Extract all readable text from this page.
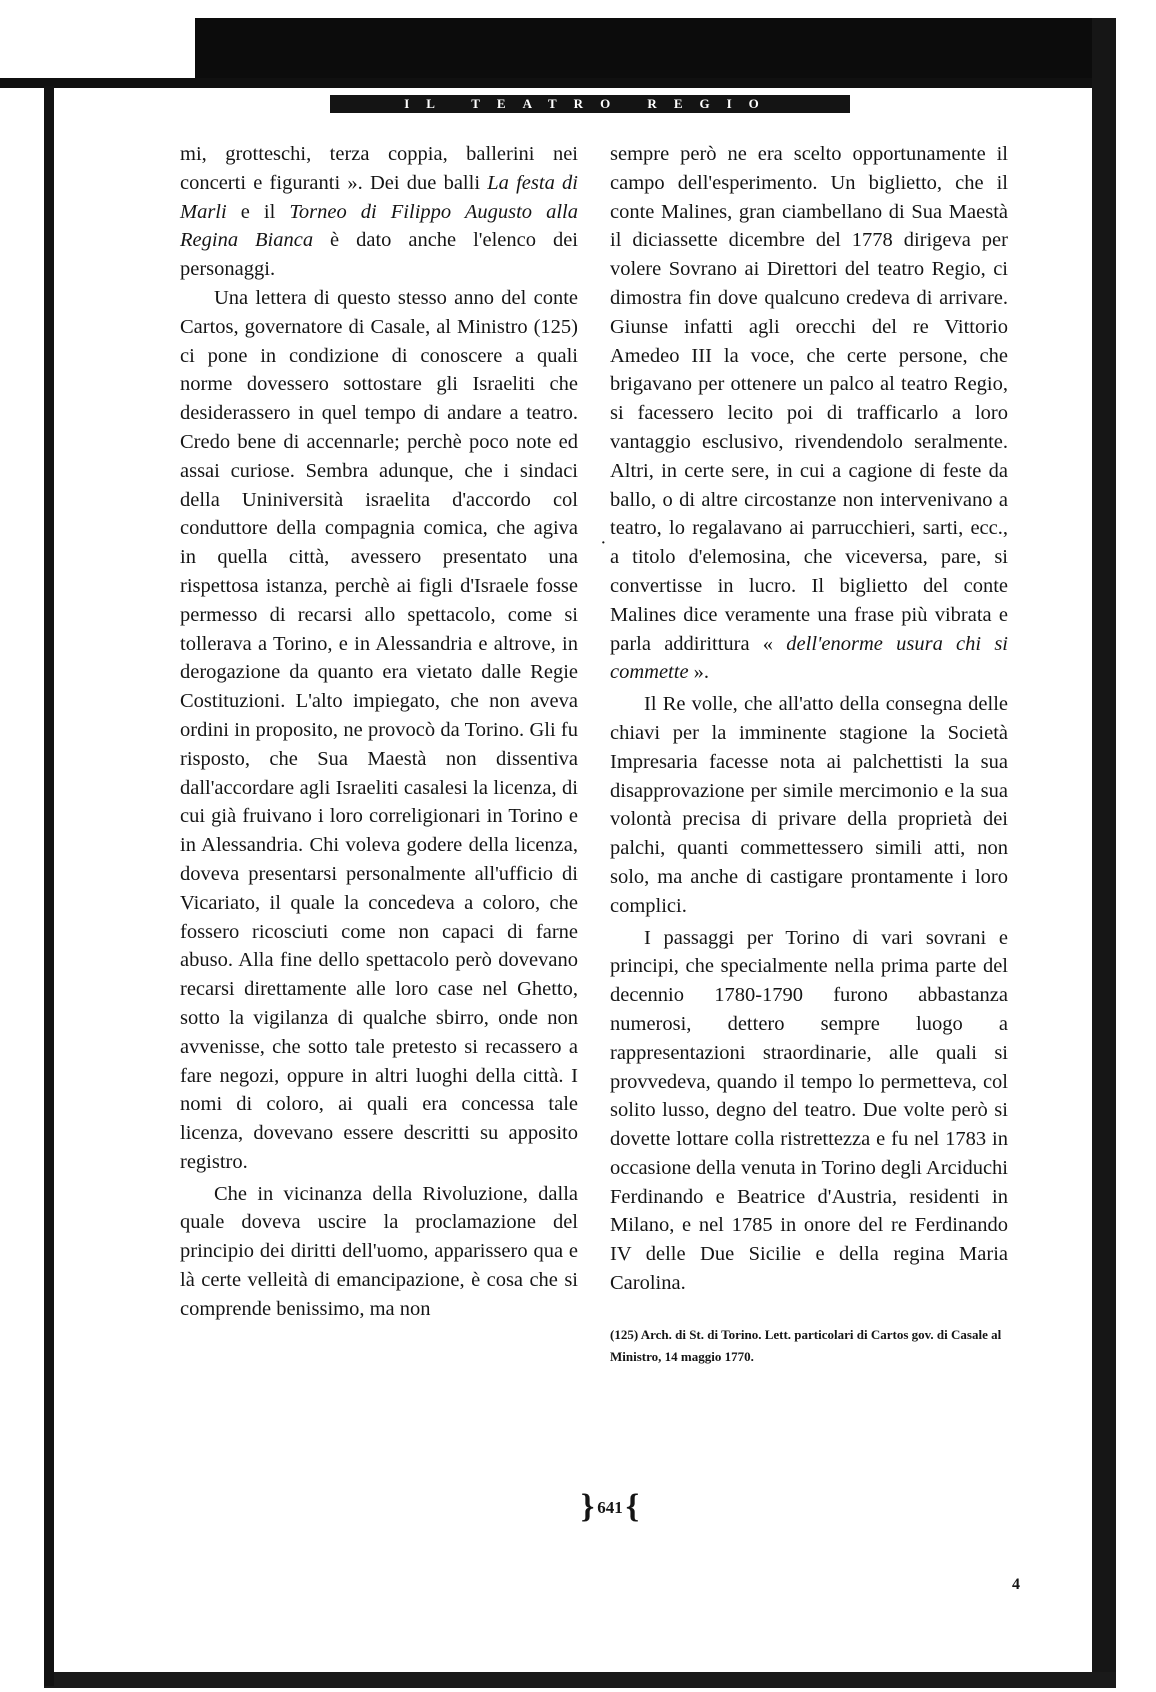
IL TEATRO REGIO

mi, grotteschi, terza coppia, ballerini nei concerti e figuranti ». Dei due balli La festa di Marli e il Torneo di Filippo Augusto alla Regina Bianca è dato anche l'elenco dei personaggi.

Una lettera di questo stesso anno del conte Cartos, governatore di Casale, al Ministro (125) ci pone in condizione di conoscere a quali norme dovessero sottostare gli Israeliti che desiderassero in quel tempo di andare a teatro. Credo bene di accennarle; perchè poco note ed assai curiose. Sembra adunque, che i sindaci della Uniniversità israelita d'accordo col conduttore della compagnia comica, che agiva in quella città, avessero presentato una rispettosa istanza, perchè ai figli d'Israele fosse permesso di recarsi allo spettacolo, come si tollerava a Torino, e in Alessandria e altrove, in derogazione da quanto era vietato dalle Regie Costituzioni. L'alto impiegato, che non aveva ordini in proposito, ne provocò da Torino. Gli fu risposto, che Sua Maestà non dissentiva dall'accordare agli Israeliti casalesi la licenza, di cui già fruivano i loro correligionari in Torino e in Alessandria. Chi voleva godere della licenza, doveva presentarsi personalmente all'ufficio di Vicariato, il quale la concedeva a coloro, che fossero ricosciuti come non capaci di farne abuso. Alla fine dello spettacolo però dovevano recarsi direttamente alle loro case nel Ghetto, sotto la vigilanza di qualche sbirro, onde non avvenisse, che sotto tale pretesto si recassero a fare negozi, oppure in altri luoghi della città. I nomi di coloro, ai quali era concessa tale licenza, dovevano essere descritti su apposito registro.

Che in vicinanza della Rivoluzione, dalla quale doveva uscire la proclamazione del principio dei diritti dell'uomo, apparissero qua e là certe velleità di emancipazione, è cosa che si comprende benissimo, ma non

sempre però ne era scelto opportunamente il campo dell'esperimento. Un biglietto, che il conte Malines, gran ciambellano di Sua Maestà il diciassette dicembre del 1778 dirigeva per volere Sovrano ai Direttori del teatro Regio, ci dimostra fin dove qualcuno credeva di arrivare. Giunse infatti agli orecchi del re Vittorio Amedeo III la voce, che certe persone, che brigavano per ottenere un palco al teatro Regio, si facessero lecito poi di trafficarlo a loro vantaggio esclusivo, rivendendolo seralmente. Altri, in certe sere, in cui a cagione di feste da ballo, o di altre circostanze non intervenivano a teatro, lo regalavano ai parrucchieri, sarti, ecc., a titolo d'elemosina, che viceversa, pare, si convertisse in lucro. Il biglietto del conte Malines dice veramente una frase più vibrata e parla addirittura « dell'enorme usura chi si commette ».

Il Re volle, che all'atto della consegna delle chiavi per la imminente stagione la Società Impresaria facesse nota ai palchettisti la sua disapprovazione per simile mercimonio e la sua volontà precisa di privare della proprietà dei palchi, quanti commettessero simili atti, non solo, ma anche di castigare prontamente i loro complici.

I passaggi per Torino di vari sovrani e principi, che specialmente nella prima parte del decennio 1780-1790 furono abbastanza numerosi, dettero sempre luogo a rappresentazioni straordinarie, alle quali si provvedeva, quando il tempo lo permetteva, col solito lusso, degno del teatro. Due volte però si dovette lottare colla ristrettezza e fu nel 1783 in occasione della venuta in Torino degli Arciduchi Ferdinando e Beatrice d'Austria, residenti in Milano, e nel 1785 in onore del re Ferdinando IV delle Due Sicilie e della regina Maria Carolina.

(125) Arch. di St. di Torino. Lett. particolari di Cartos gov. di Casale al Ministro, 14 maggio 1770.

·
} 641{
4
